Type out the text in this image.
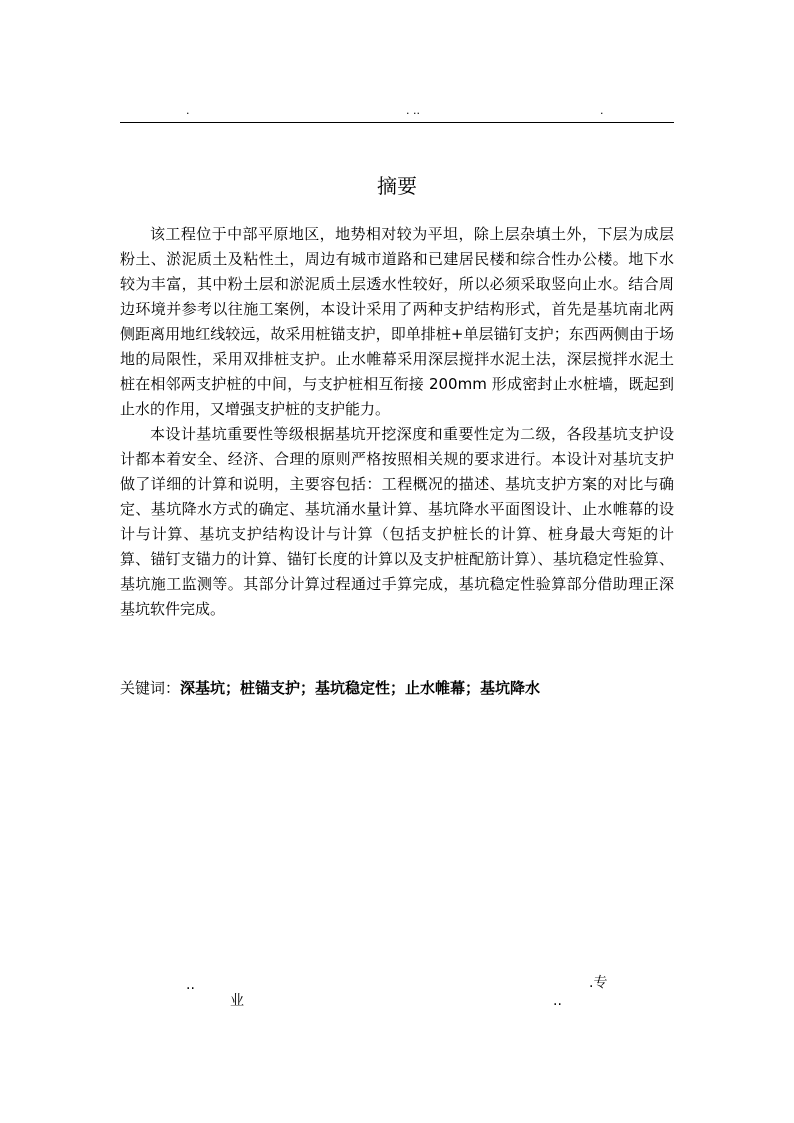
.	. ..	.
摘要

该工程位于中部平原地区，地势相对较为平坦，除上层杂填土外，下层为成层粉土、淤泥质土及粘性土，周边有城市道路和已建居民楼和综合性办公楼。地下水较为丰富，其中粉土层和淤泥质土层透水性较好，所以必须采取竖向止水。结合周边环境并参考以往施工案例，本设计采用了两种支护结构形式，首先是基坑南北两侧距离用地红线较远，故采用桩锚支护，即单排桩+单层锚钉支护；东西两侧由于场地的局限性，采用双排桩支护。止水帷幕采用深层搅拌水泥土法，深层搅拌水泥土桩在相邻两支护桩的中间，与支护桩相互衔接 200mm 形成密封止水桩墙，既起到止水的作用，又增强支护桩的支护能力。

本设计基坑重要性等级根据基坑开挖深度和重要性定为二级，各段基坑支护设计都本着安全、经济、合理的原则严格按照相关规的要求进行。本设计对基坑支护做了详细的计算和说明，主要容包括：工程概况的描述、基坑支护方案的对比与确定、基坑降水方式的确定、基坑涌水量计算、基坑降水平面图设计、止水帷幕的设计与计算、基坑支护结构设计与计算（包括支护桩长的计算、桩身最大弯矩的计算、锚钉支锚力的计算、锚钉长度的计算以及支护桩配筋计算）、基坑稳定性验算、基坑施工监测等。其部分计算过程通过手算完成，基坑稳定性验算部分借助理正深基坑软件完成。

关键词：深基坑；桩锚支护；基坑稳定性；止水帷幕；基坑降水
..
业
.专
..
